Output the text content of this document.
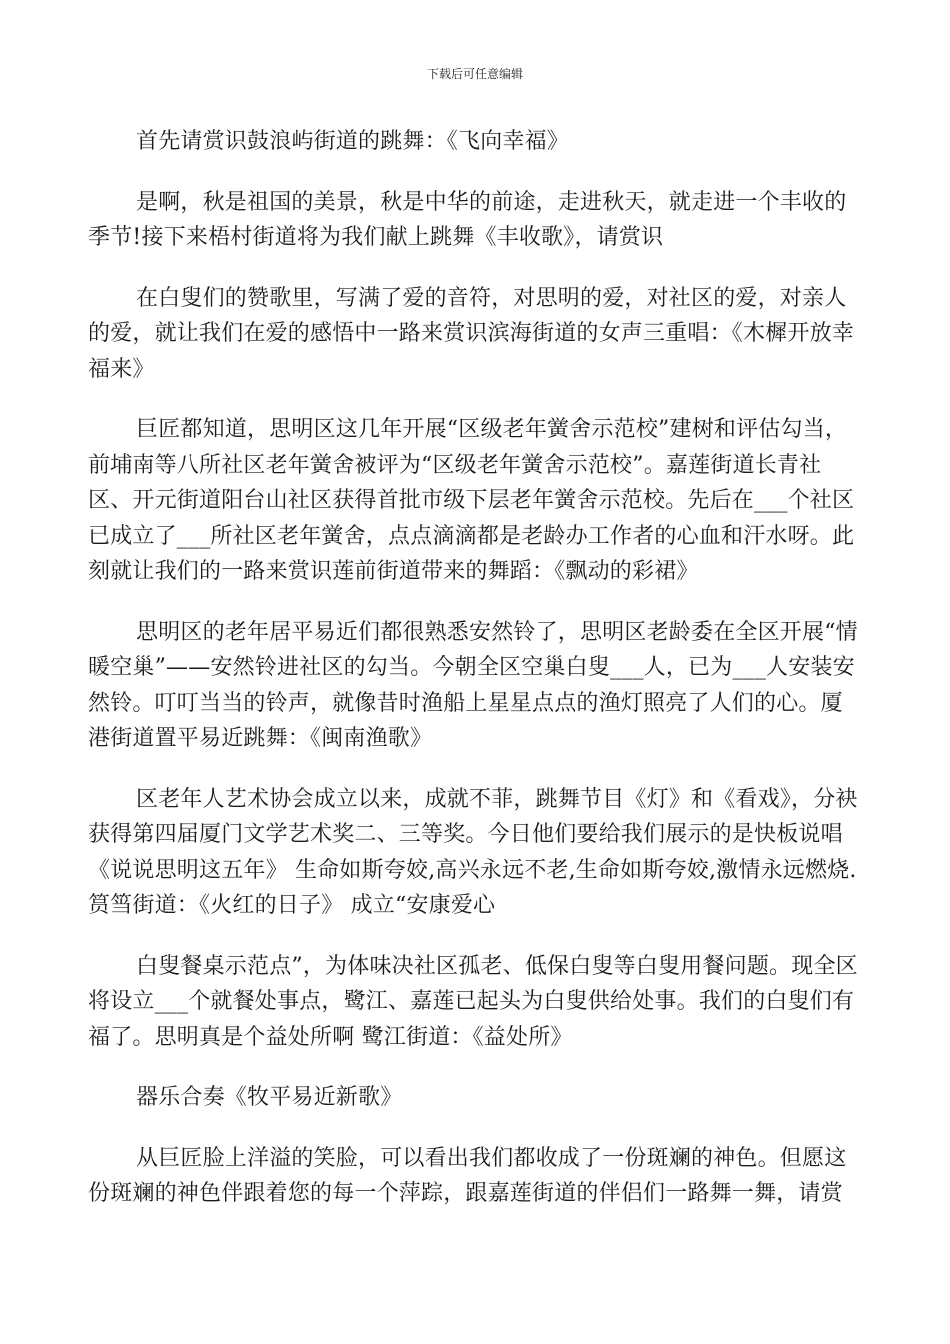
下载后可任意编辑

首先请赏识鼓浪屿街道的跳舞：《飞向幸福》

是啊，秋是祖国的美景，秋是中华的前途，走进秋天，就走进一个丰收的季节!接下来梧村街道将为我们献上跳舞《丰收歌》，请赏识

在白叟们的赞歌里，写满了爱的音符，对思明的爱，对社区的爱，对亲人的爱，就让我们在爱的感悟中一路来赏识滨海街道的女声三重唱：《木樨开放幸福来》

巨匠都知道，思明区这几年开展“区级老年黉舍示范校”建树和评估勾当，前埔南等八所社区老年黉舍被评为“区级老年黉舍示范校”。嘉莲街道长青社区、开元街道阳台山社区获得首批市级下层老年黉舍示范校。先后在___个社区已成立了___所社区老年黉舍，点点滴滴都是老龄办工作者的心血和汗水呀。此刻就让我们的一路来赏识莲前街道带来的舞蹈：《飘动的彩裙》

思明区的老年居平易近们都很熟悉安然铃了，思明区老龄委在全区开展“情暖空巢”——安然铃进社区的勾当。今朝全区空巢白叟___人，已为___人安装安然铃。叮叮当当的铃声，就像昔时渔船上星星点点的渔灯照亮了人们的心。厦港街道置平易近跳舞：《闽南渔歌》

区老年人艺术协会成立以来，成就不菲，跳舞节目《灯》和《看戏》，分袂获得第四届厦门文学艺术奖二、三等奖。今日他们要给我们展示的是快板说唱《说说思明这五年》 生命如斯夸姣,高兴永远不老,生命如斯夸姣,激情永远燃烧. 筼筜街道：《火红的日子》 成立“安康爱心

白叟餐桌示范点”，为体味决社区孤老、低保白叟等白叟用餐问题。现全区将设立___个就餐处事点，鹭江、嘉莲已起头为白叟供给处事。我们的白叟们有福了。思明真是个益处所啊 鹭江街道：《益处所》

器乐合奏《牧平易近新歌》

从巨匠脸上洋溢的笑脸，可以看出我们都收成了一份斑斓的神色。但愿这份斑斓的神色伴跟着您的每一个萍踪，跟嘉莲街道的伴侣们一路舞一舞，请赏
